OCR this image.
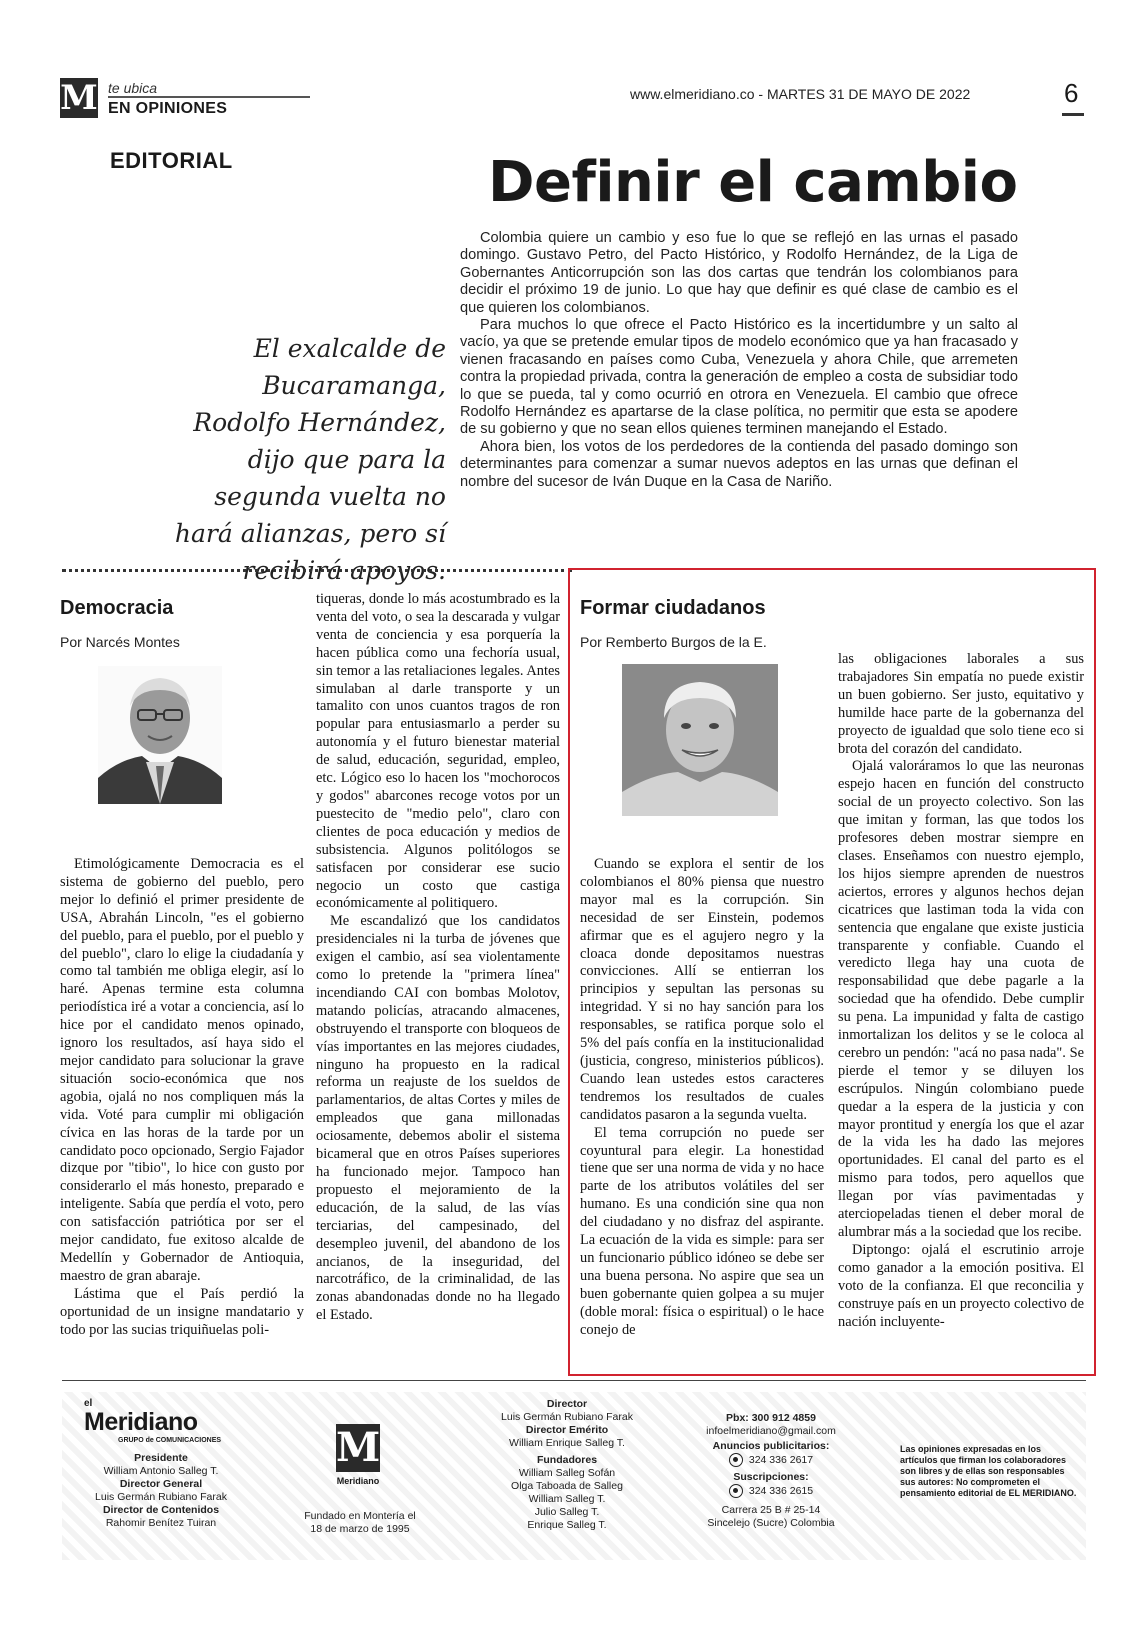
M te ubica
EN OPINIONES
www.elmeridiano.co - MARTES 31 DE MAYO DE 2022	6
EDITORIAL	Definir el cambio
El exalcalde de Bucaramanga, Rodolfo Hernández, dijo que para la segunda vuelta no hará alianzas, pero sí recibirá apoyos.

Colombia quiere un cambio y eso fue lo que se reflejó en las urnas el pasado domingo. Gustavo Petro, del Pacto Histórico, y Rodolfo Hernández, de la Liga de Gobernantes Anticorrupción son las dos cartas que tendrán los colombianos para decidir el próximo 19 de junio. Lo que hay que definir es qué clase de cambio es el que quieren los colombianos.

Para muchos lo que ofrece el Pacto Histórico es la incertidumbre y un salto al vacío, ya que se pretende emular tipos de modelo económico que ya han fracasado y vienen fracasando en países como Cuba, Venezuela y ahora Chile, que arremeten contra la propiedad privada, contra la generación de empleo a costa de subsidiar todo lo que se pueda, tal y como ocurrió en otrora en Venezuela. El cambio que ofrece Rodolfo Hernández es apartarse de la clase política, no permitir que esta se apodere de su gobierno y que no sean ellos quienes terminen manejando el Estado.

Ahora bien, los votos de los perdedores de la contienda del pasado domingo son determinantes para comenzar a sumar nuevos adeptos en las urnas que definan el nombre del sucesor de Iván Duque en la Casa de Nariño.

Democracia
Por Narcés Montes

Etimológicamente Democracia es el sistema de gobierno del pueblo, pero mejor lo definió el primer presidente de USA, Abrahán Lincoln, "es el gobierno del pueblo, para el pueblo, por el pueblo y del pueblo", claro lo elige la ciudadanía y como tal también me obliga elegir, así lo haré. Apenas termine esta columna periodística iré a votar a conciencia, así lo hice por el candidato menos opinado, ignoro los resultados, así haya sido el mejor candidato para solucionar la grave situación socio-económica que nos agobia, ojalá no nos compliquen más la vida. Voté para cumplir mi obligación cívica en las horas de la tarde por un candidato poco opcionado, Sergio Fajador dizque por "tibio", lo hice con gusto por considerarlo el más honesto, preparado e inteligente. Sabía que perdía el voto, pero con satisfacción patriótica por ser el mejor candidato, fue exitoso alcalde de Medellín y Gobernador de Antioquia, maestro de gran abaraje.

Lástima que el País perdió la oportunidad de un insigne mandatario y todo por las sucias triquiñuelas poli-

tiqueras, donde lo más acostumbrado es la venta del voto, o sea la descarada y vulgar venta de conciencia y esa porquería la hacen pública como una fechoría usual, sin temor a las retaliaciones legales. Antes simulaban al darle transporte y un tamalito con unos cuantos tragos de ron popular para entusiasmarlo a perder su autonomía y el futuro bienestar material de salud, educación, seguridad, empleo, etc. Lógico eso lo hacen los "mochorocos y godos" abarcones recoge votos por un puestecito de "medio pelo", claro con clientes de poca educación y medios de subsistencia. Algunos politólogos se satisfacen por considerar ese sucio negocio un costo que castiga económicamente al politiquero.

Me escandalizó que los candidatos presidenciales ni la turba de jóvenes que exigen el cambio, así sea violentamente como lo pretende la "primera línea" incendiando CAI con bombas Molotov, matando policías, atracando almacenes, obstruyendo el transporte con bloqueos de vías importantes en las mejores ciudades, ninguno ha propuesto en la radical reforma un reajuste de los sueldos de parlamentarios, de altas Cortes y miles de empleados que gana millonadas ociosamente, debemos abolir el sistema bicameral que en otros Países superiores ha funcionado mejor. Tampoco han propuesto el mejoramiento de la educación, de la salud, de las vías terciarias, del campesinado, del desempleo juvenil, del abandono de los ancianos, de la inseguridad, del narcotráfico, de la criminalidad, de las zonas abandonadas donde no ha llegado el Estado.

Formar ciudadanos
Por Remberto Burgos de la E.

Cuando se explora el sentir de los colombianos el 80% piensa que nuestro mayor mal es la corrupción. Sin necesidad de ser Einstein, podemos afirmar que es el agujero negro y la cloaca donde depositamos nuestras convicciones. Allí se entierran los principios y sepultan las personas su integridad. Y si no hay sanción para los responsables, se ratifica porque solo el 5% del país confía en la institucionalidad (justicia, congreso, ministerios públicos). Cuando lean ustedes estos caracteres tendremos los resultados de cuales candidatos pasaron a la segunda vuelta.

El tema corrupción no puede ser coyuntural para elegir. La honestidad tiene que ser una norma de vida y no hace parte de los atributos volátiles del ser humano. Es una condición sine qua non del ciudadano y no disfraz del aspirante. La ecuación de la vida es simple: para ser un funcionario público idóneo se debe ser una buena persona. No aspire que sea un buen gobernante quien golpea a su mujer (doble moral: física o espiritual) o le hace conejo de

las obligaciones laborales a sus trabajadores Sin empatía no puede existir un buen gobierno. Ser justo, equitativo y humilde hace parte de la gobernanza del proyecto de igualdad que solo tiene eco si brota del corazón del candidato.

Ojalá valoráramos lo que las neuronas espejo hacen en función del constructo social de un proyecto colectivo. Son las que imitan y forman, las que todos los profesores deben mostrar siempre en clases. Enseñamos con nuestro ejemplo, los hijos siempre aprenden de nuestros aciertos, errores y algunos hechos dejan cicatrices que lastiman toda la vida con sentencia que engalane que existe justicia transparente y confiable. Cuando el veredicto llega hay una cuota de responsabilidad que debe pagarle a la sociedad que ha ofendido. Debe cumplir su pena. La impunidad y falta de castigo inmortalizan los delitos y se le coloca al cerebro un pendón: "acá no pasa nada". Se pierde el temor y se diluyen los escrúpulos. Ningún colombiano puede quedar a la espera de la justicia y con mayor prontitud y energía los que el azar de la vida les ha dado las mejores oportunidades. El canal del parto es el mismo para todos, pero aquellos que llegan por vías pavimentadas y aterciopeladas tienen el deber moral de alumbrar más a la sociedad que los recibe.

Diptongo: ojalá el escrutinio arroje como ganador a la emoción positiva. El voto de la confianza. El que reconcilia y construye país en un proyecto colectivo de nación incluyente-

el
Meridiano
GRUPO de COMUNICACIONES
Presidente
William Antonio Salleg T.
Director General
Luis Germán Rubiano Farak
Director de Contenidos
Rahomir Benítez Tuiran
M
Meridiano
Fundado en Montería el 18 de marzo de 1995
Director
Luis Germán Rubiano Farak
Director Emérito
William Enrique Salleg T.
Fundadores
William Salleg Sofán
Olga Taboada de Salleg
William Salleg T.
Julio Salleg T.
Enrique Salleg T.
Pbx: 300 912 4859
infoelmeridiano@gmail.com
Anuncios publicitarios:
324 336 2617
Suscripciones:
324 336 2615
Carrera 25 B # 25-14
Sincelejo (Sucre) Colombia
Las opiniones expresadas en los artículos que firman los colaboradores son libres y de ellas son responsables sus autores: No comprometen el pensamiento editorial de EL MERIDIANO.
